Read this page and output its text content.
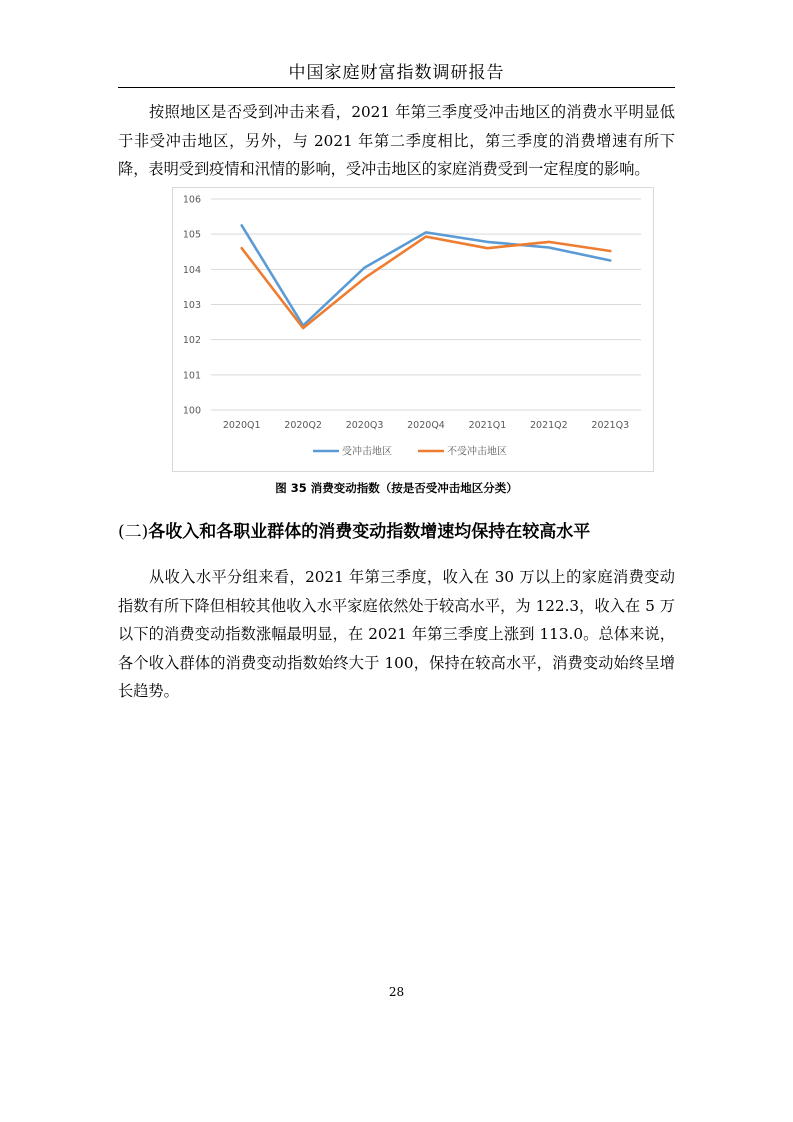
中国家庭财富指数调研报告

按照地区是否受到冲击来看，2021 年第三季度受冲击地区的消费水平明显低于非受冲击地区，另外，与 2021 年第二季度相比，第三季度的消费增速有所下降，表明受到疫情和汛情的影响，受冲击地区的家庭消费受到一定程度的影响。

100
101
102
103
104
105
106
2020Q1 2020Q2 2020Q3 2020Q4 2021Q1 2021Q2 2021Q3
受冲击地区	不受冲击地区
图 35 消费变动指数（按是否受冲击地区分类）
(二)各收入和各职业群体的消费变动指数增速均保持在较高水平

从收入水平分组来看，2021 年第三季度，收入在 30 万以上的家庭消费变动指数有所下降但相较其他收入水平家庭依然处于较高水平，为 122.3，收入在 5 万以下的消费变动指数涨幅最明显，在 2021 年第三季度上涨到 113.0。总体来说，各个收入群体的消费变动指数始终大于 100，保持在较高水平，消费变动始终呈增长趋势。

28
